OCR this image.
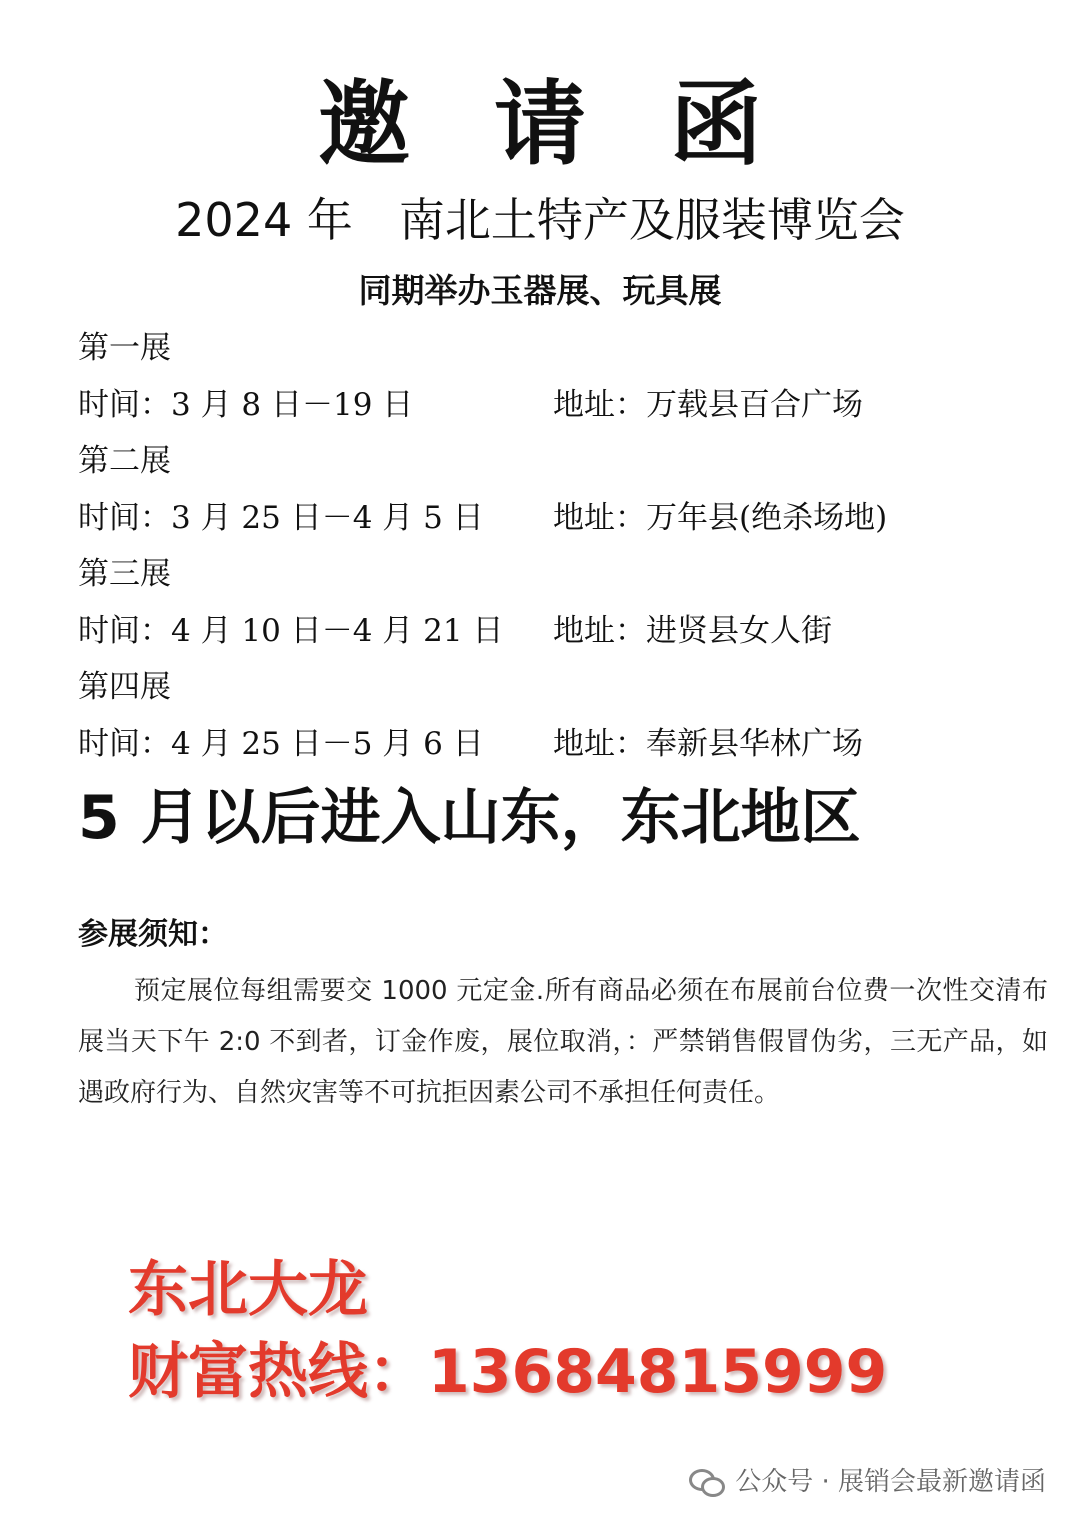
邀请函
2024 年 南北土特产及服装博览会
同期举办玉器展、玩具展
第一展
时间：3 月 8 日－19 日	地址：万载县百合广场
第二展
时间：3 月 25 日－4 月 5 日 地址：万年县(绝杀场地)
第三展
时间：4 月 10 日－4 月 21 日 地址：进贤县女人街
第四展
时间：4 月 25 日－5 月 6 日 地址：奉新县华林广场
5 月以后进入山东，东北地区
参展须知：
预定展位每组需要交 1000 元定金.所有商品必须在布展前台位费一次性交清布展当天下午 2:0 不到者，订金作废，展位取消，：严禁销售假冒伪劣，三无产品，如遇政府行为、自然灾害等不可抗拒因素公司不承担任何责任。
东北大龙
财富热线：13684815999
公众号 · 展销会最新邀请函
